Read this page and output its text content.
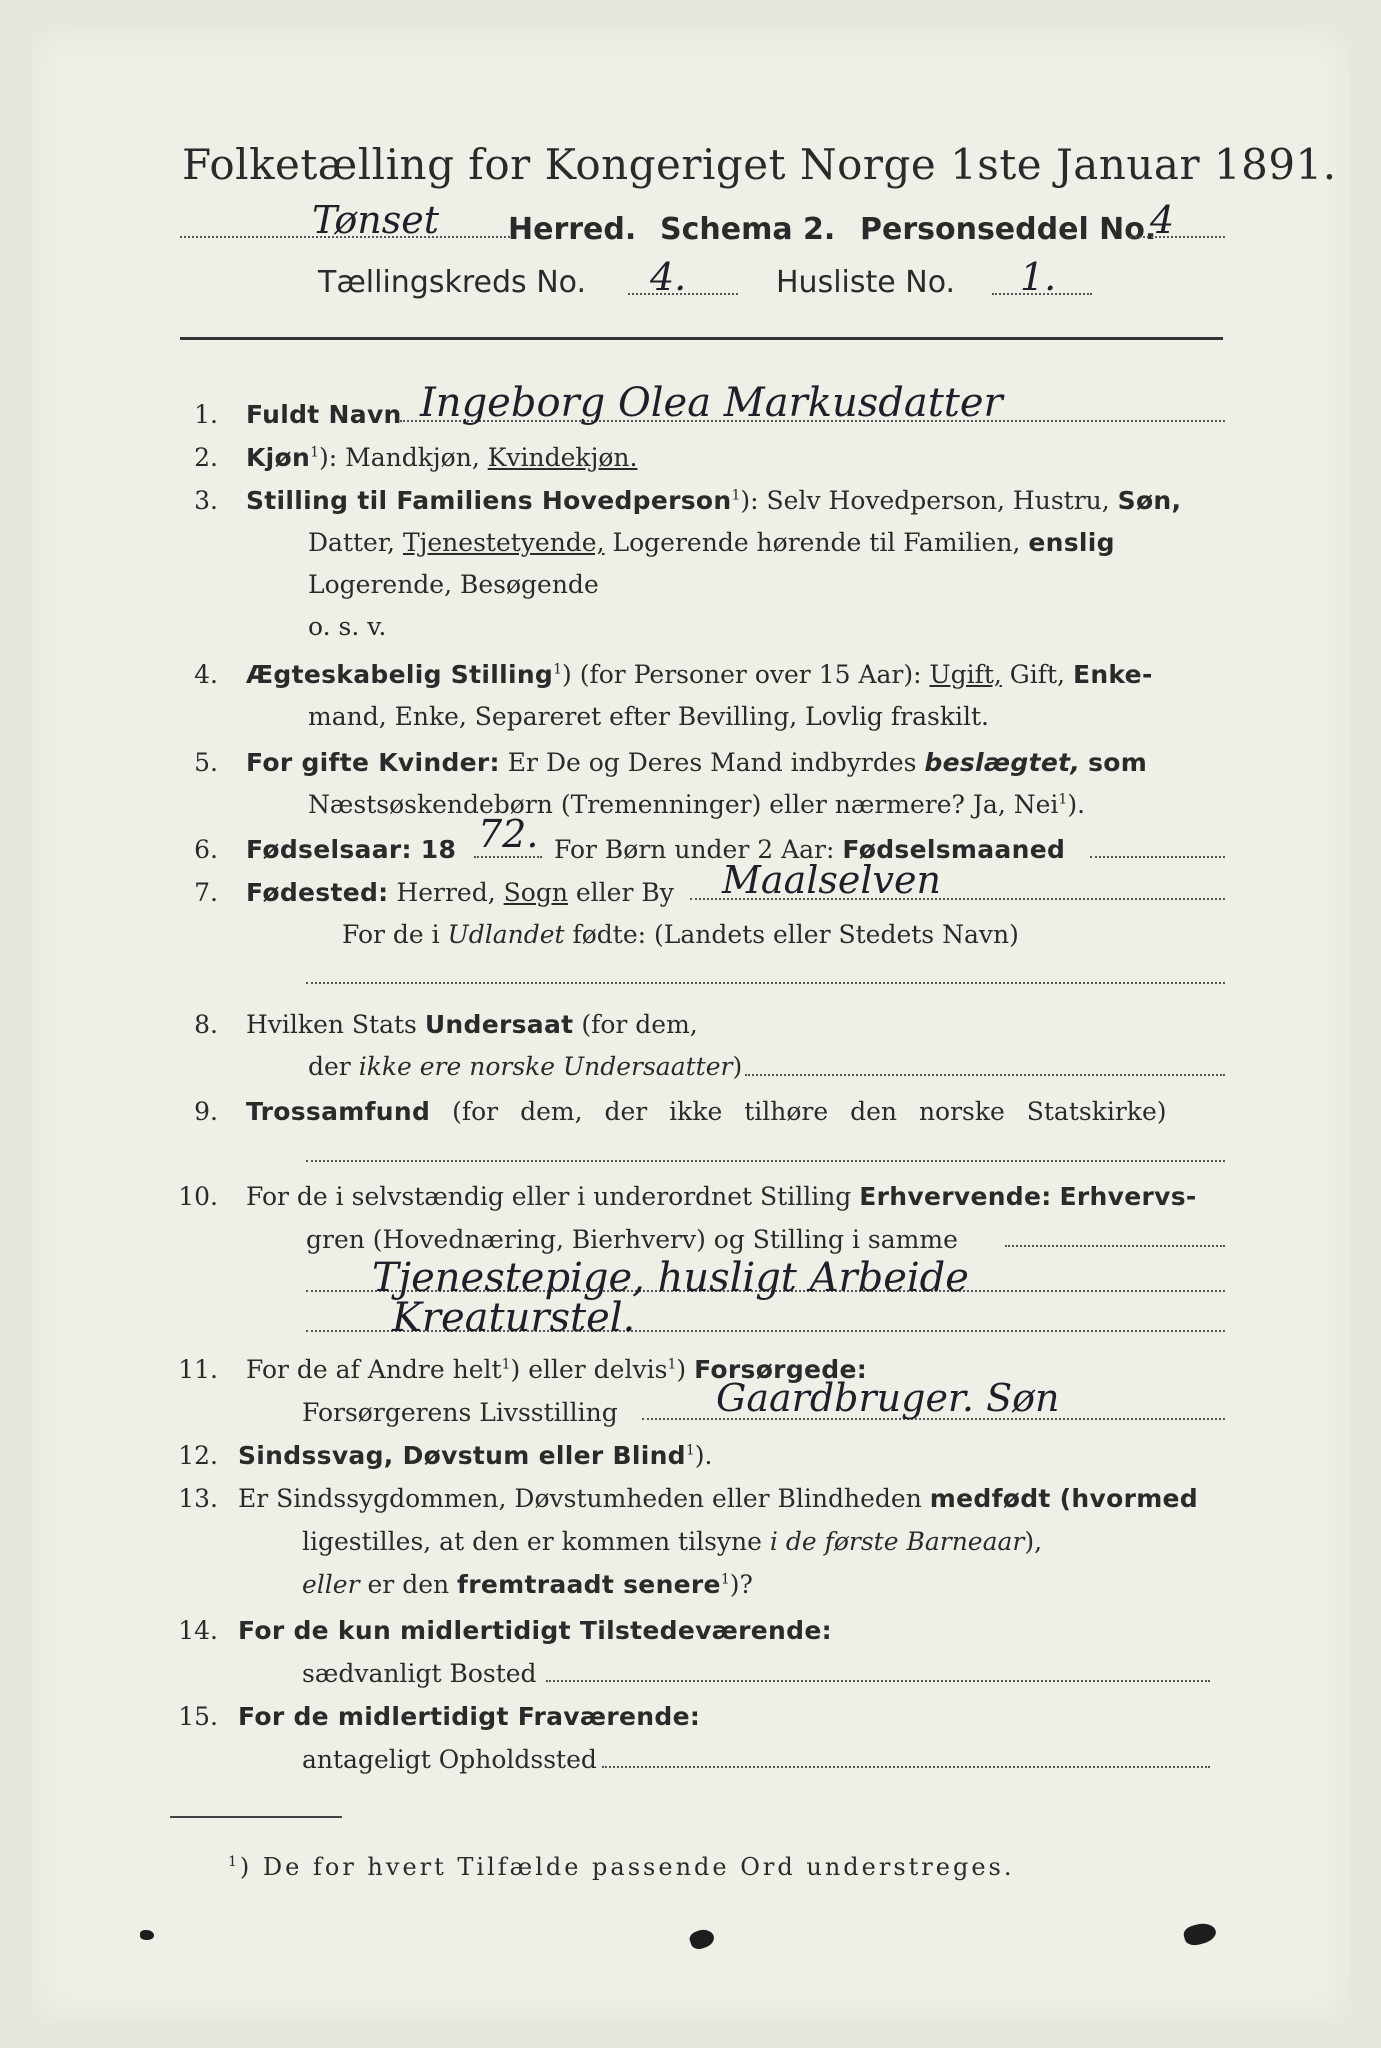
Folketælling for Kongeriget Norge 1ste Januar 1891.
Tønset Herred. Schema 2. Personseddel No.
4
Tællingskreds No. 4.	Husliste No. 1.
1. Fuldt Navn Ingeborg Olea Markusdatter
2. Kjøn$^1$): Mandkjøn, Kvindekjøn.
3. Stilling til Familiens Hovedperson$^1$): Selv Hovedperson, Hustru, Søn,
Datter, Tjenestetyende, Logerende hørende til Familien, enslig
Logerende, Besøgende
o. s. v.
4. Ægteskabelig Stilling$^1$) (for Personer over 15 Aar): Ugift, Gift, Enke-
mand, Enke, Separeret efter Bevilling, Lovlig fraskilt.
5. For gifte Kvinder: Er De og Deres Mand indbyrdes beslægtet, som
Næstsøskendebørn (Tremenninger) eller nærmere? Ja, Nei$^1$).
6. Fødselsaar: 18 72. For Børn under 2 Aar: Fødselsmaaned
7. Fødested: Herred, Sogn eller By Maalselven
For de i Udlandet fødte: (Landets eller Stedets Navn)
8. Hvilken Stats Undersaat (for dem,
der ikke ere norske Undersaatter)
9. Trossamfund (for dem, der ikke tilhøre den norske Statskirke)
10. For de i selvstændig eller i underordnet Stilling Erhvervende: Erhvervs-
gren (Hovednæring, Bierhverv) og Stilling i samme
Tjenestepige, husligt Arbeide
Kreaturstel.
11. For de af Andre helt$^1$) eller delvis$^1$) Forsørgede:
Forsørgerens Livsstilling	Gaardbruger. Søn
12. Sindssvag, Døvstum eller Blind$^1$).
13. Er Sindssygdommen, Døvstumheden eller Blindheden medfødt (hvormed
ligestilles, at den er kommen tilsyne i de første Barneaar),
eller er den fremtraadt senere$^1$)?
14. For de kun midlertidigt Tilstedeværende:
sædvanligt Bosted
15. For de midlertidigt Fraværende:
antageligt Opholdssted
$^1$) De for hvert Tilfælde passende Ord understreges.
